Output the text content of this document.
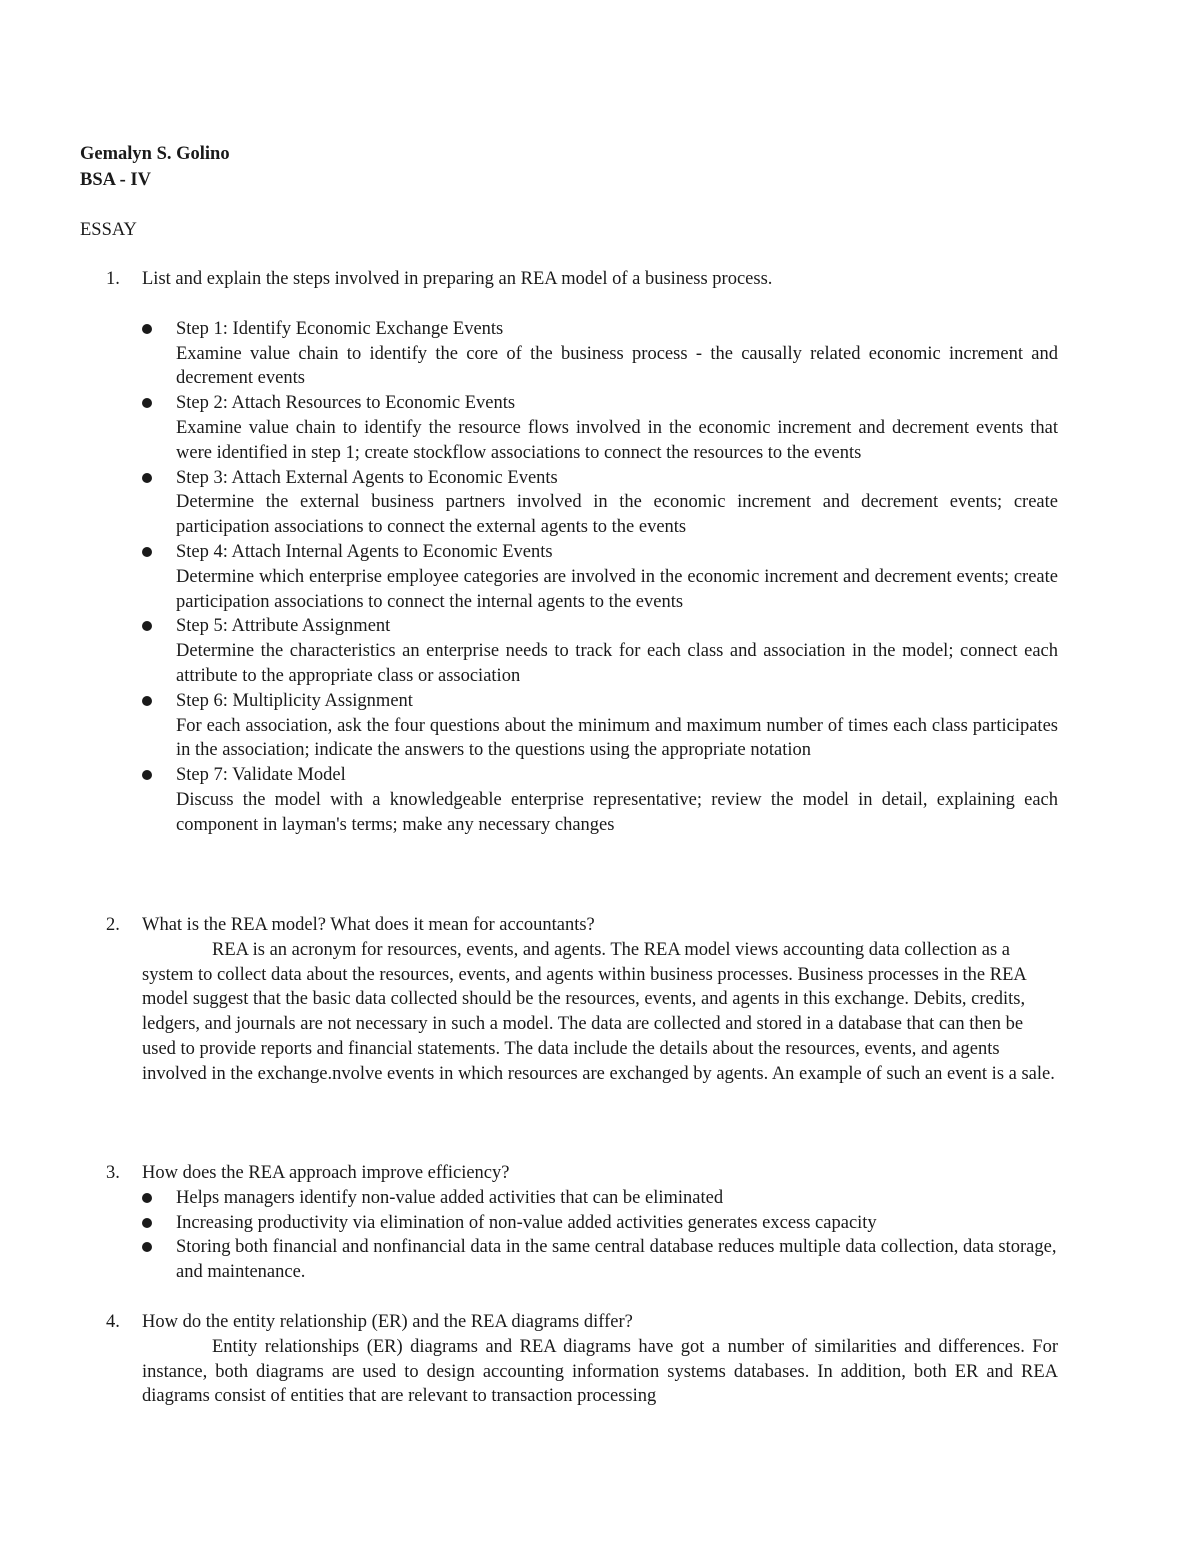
Gemalyn S. Golino
BSA - IV
ESSAY
1.	List and explain the steps involved in preparing an REA model of a business process.
Step 1: Identify Economic Exchange Events
Examine value chain to identify the core of the business process - the causally related economic increment and decrement events
Step 2: Attach Resources to Economic Events
Examine value chain to identify the resource flows involved in the economic increment and decrement events that were identified in step 1; create stockflow associations to connect the resources to the events
Step 3: Attach External Agents to Economic Events
Determine the external business partners involved in the economic increment and decrement events; create participation associations to connect the external agents to the events
Step 4: Attach Internal Agents to Economic Events
Determine which enterprise employee categories are involved in the economic increment and decrement events; create participation associations to connect the internal agents to the events
Step 5: Attribute Assignment
Determine the characteristics an enterprise needs to track for each class and association in the model; connect each attribute to the appropriate class or association
Step 6: Multiplicity Assignment
For each association, ask the four questions about the minimum and maximum number of times each class participates in the association; indicate the answers to the questions using the appropriate notation
Step 7: Validate Model
Discuss the model with a knowledgeable enterprise representative; review the model in detail, explaining each component in layman's terms; make any necessary changes
2.	What is the REA model? What does it mean for accountants?
REA is an acronym for resources, events, and agents. The REA model views accounting data collection as a system to collect data about the resources, events, and agents within business processes. Business processes in the REA model suggest that the basic data collected should be the resources, events, and agents in this exchange. Debits, credits, ledgers, and journals are not necessary in such a model. The data are collected and stored in a database that can then be used to provide reports and financial statements. The data include the details about the resources, events, and agents involved in the exchange.nvolve events in which resources are exchanged by agents. An example of such an event is a sale.
3.	How does the REA approach improve efficiency?
Helps managers identify non-value added activities that can be eliminated
Increasing productivity via elimination of non-value added activities generates excess capacity
Storing both financial and nonfinancial data in the same central database reduces multiple data collection, data storage, and maintenance.
4.	How do the entity relationship (ER) and the REA diagrams differ?
Entity relationships (ER) diagrams and REA diagrams have got a number of similarities and differences. For instance, both diagrams are used to design accounting information systems databases. In addition, both ER and REA diagrams consist of entities that are relevant to transaction processing
